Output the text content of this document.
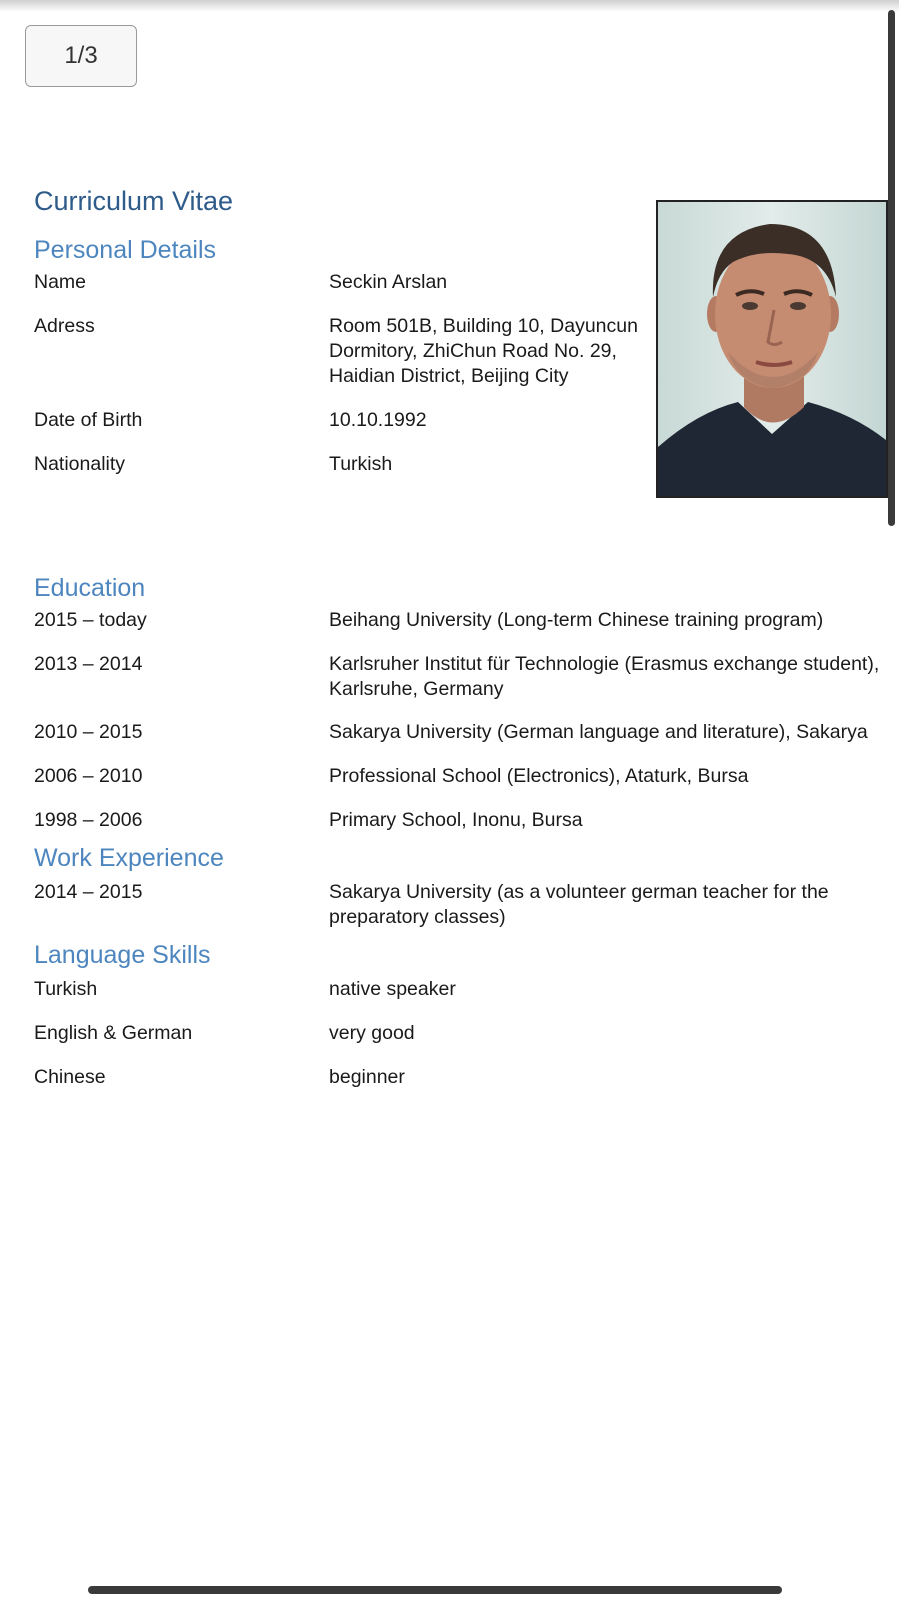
1/3
Curriculum Vitae
Personal Details
Name	Seckin Arslan
Adress	Room 501B, Building 10, Dayuncun
Dormitory, ZhiChun Road No. 29,
Haidian District, Beijing City
Date of Birth	10.10.1992
Nationality	Turkish
Education
2015 – today	Beihang University (Long-term Chinese training program)
2013 – 2014	Karlsruher Institut für Technologie (Erasmus exchange student),
Karlsruhe, Germany
2010 – 2015	Sakarya University (German language and literature), Sakarya
2006 – 2010	Professional School (Electronics), Ataturk, Bursa
1998 – 2006	Primary School, Inonu, Bursa
Work Experience
2014 – 2015	Sakarya University (as a volunteer german teacher for the
preparatory classes)
Language Skills
Turkish	native speaker
English & German	very good
Chinese	beginner
